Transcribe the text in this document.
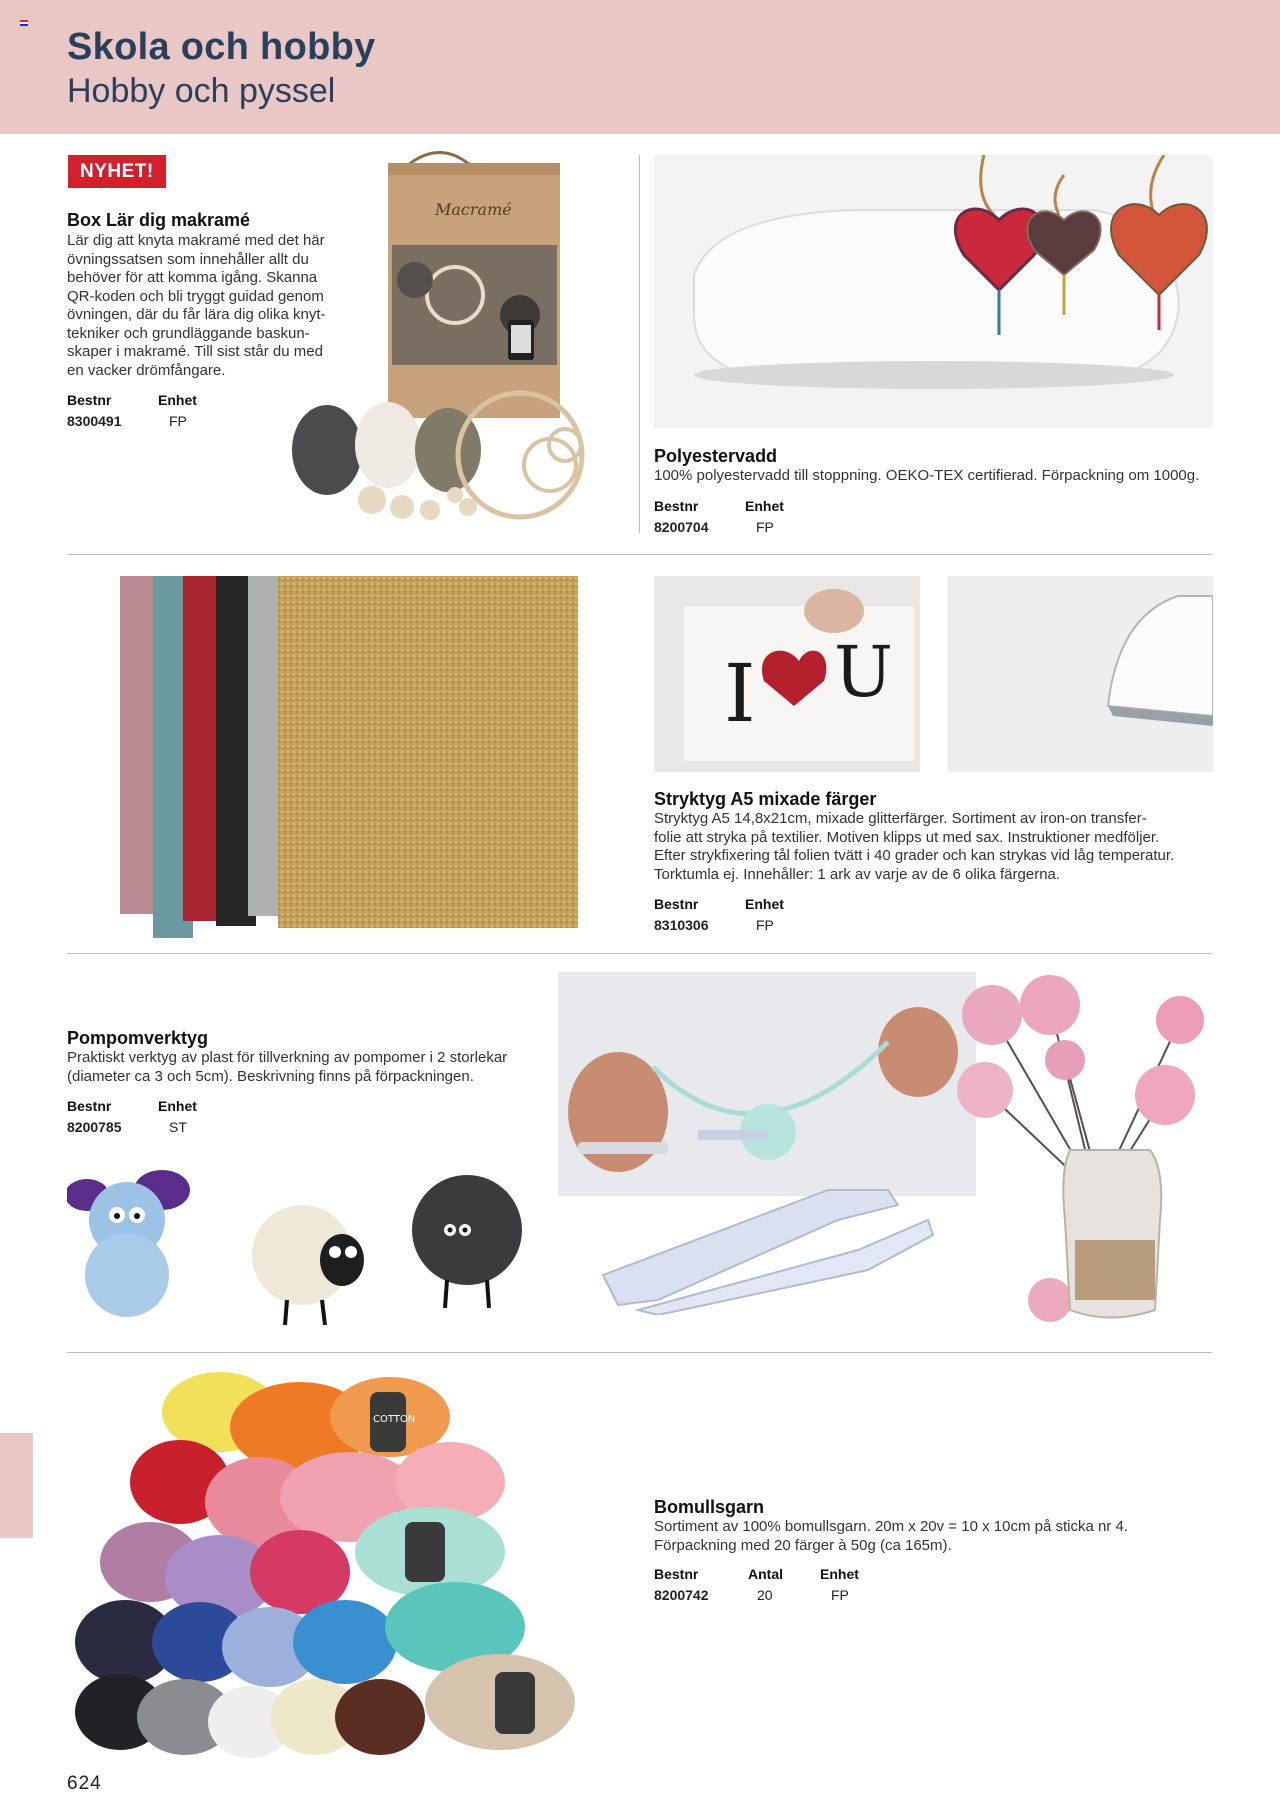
Skola och hobby
Hobby och pyssel
NYHET!
Box Lär dig makramé
Lär dig att knyta makramé med det här
övningssatsen som innehåller allt du
behöver för att komma igång. Skanna
QR-koden och bli tryggt guidad genom
övningen, där du får lära dig olika knyt-
tekniker och grundläggande baskun-
skaper i makramé. Till sist står du med
en vacker drömfångare.
Bestnr	Enhet
8300491	FP
Macramé
Polyestervadd
100% polyestervadd till stoppning. OEKO-TEX certifierad. Förpackning om 1000g.
Bestnr	Enhet
8200704	FP
I U
Stryktyg A5 mixade färger
Stryktyg A5 14,8x21cm, mixade glitterfärger. Sortiment av iron-on transfer-
folie att stryka på textilier. Motiven klipps ut med sax. Instruktioner medföljer.
Efter strykfixering tål folien tvätt i 40 grader och kan strykas vid låg temperatur.
Torktumla ej. Innehåller: 1 ark av varje av de 6 olika färgerna.
Bestnr	Enhet
8310306	FP
Pompomverktyg
Praktiskt verktyg av plast för tillverkning av pompomer i 2 storlekar
(diameter ca 3 och 5cm). Beskrivning finns på förpackningen.
Bestnr	Enhet
8200785	ST
COTTON
Bomullsgarn
Sortiment av 100% bomullsgarn. 20m x 20v = 10 x 10cm på sticka nr 4.
Förpackning med 20 färger à 50g (ca 165m).
Bestnr	Antal	Enhet
8200742	20	FP
624
